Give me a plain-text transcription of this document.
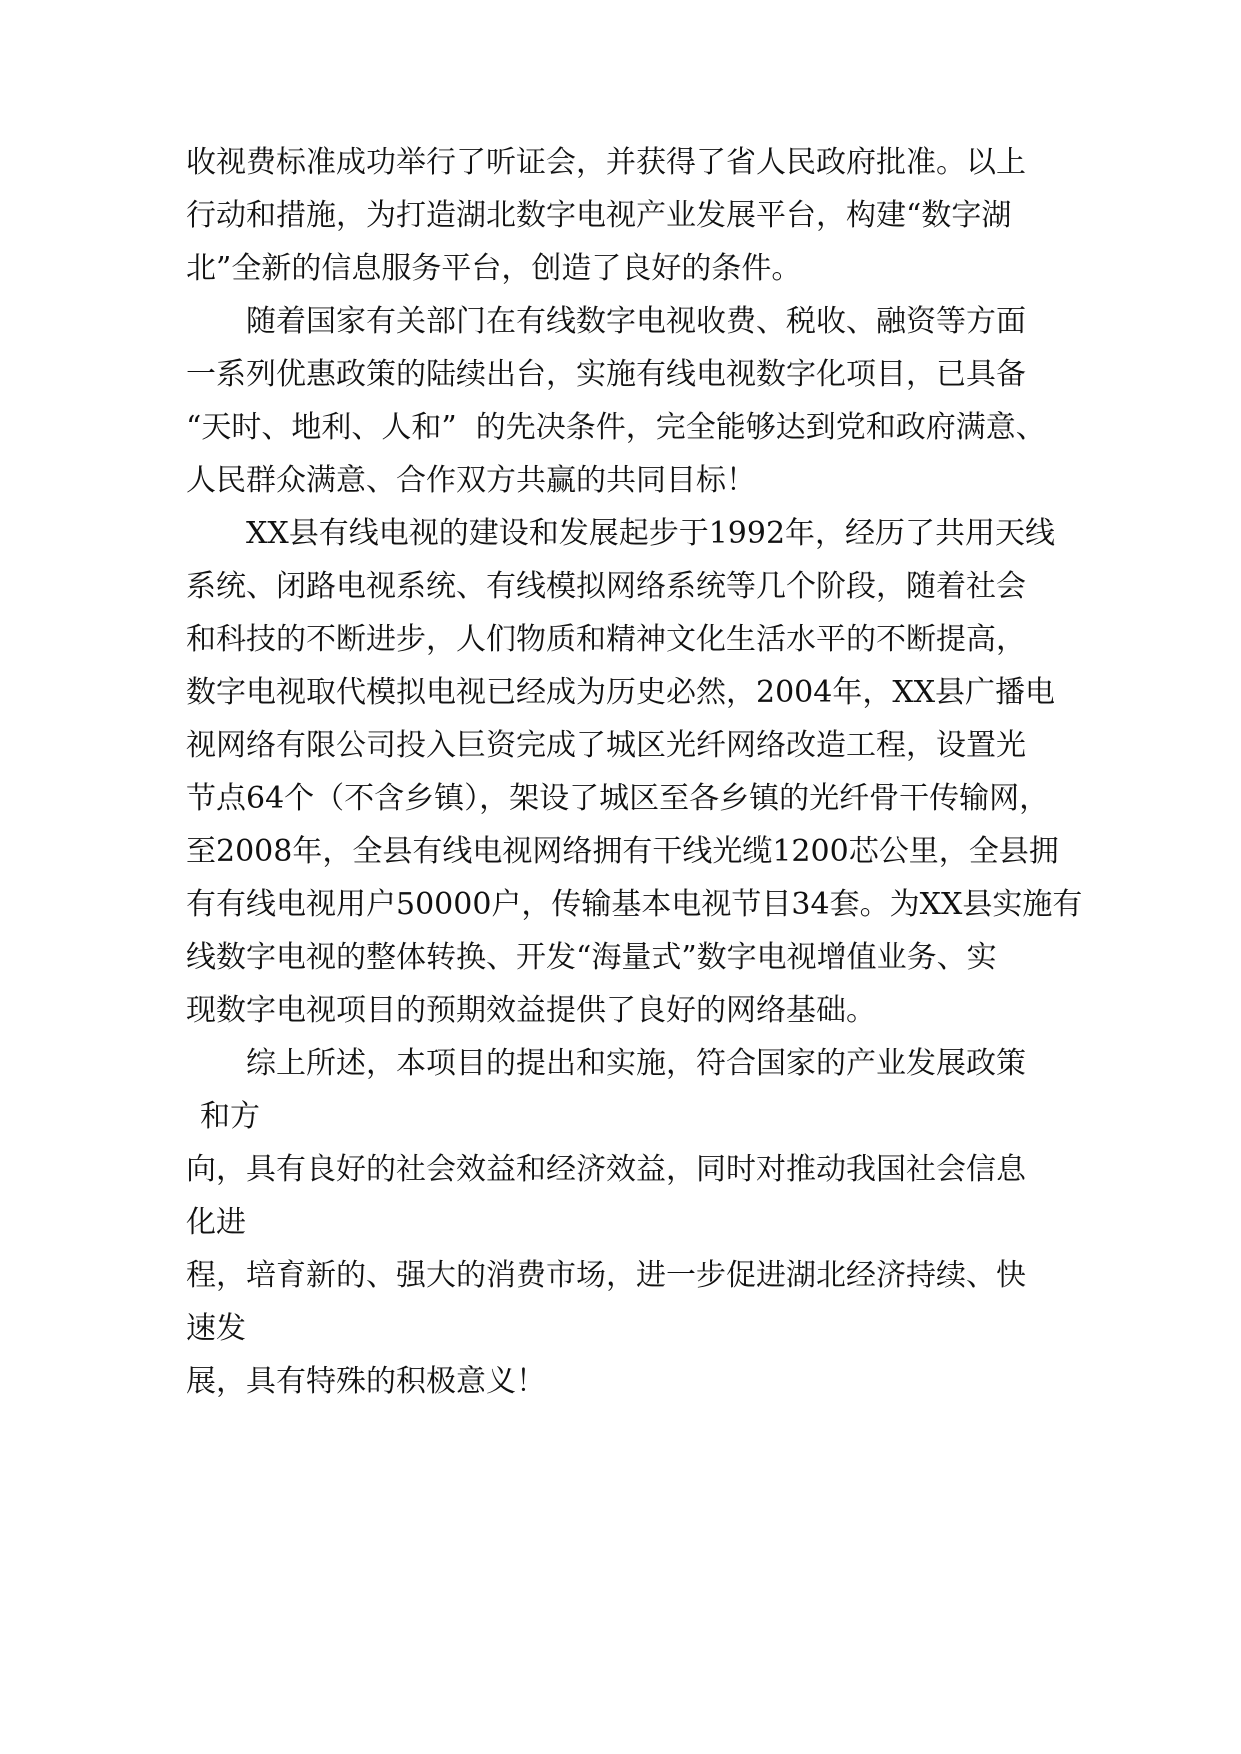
收视费标准成功举行了听证会，并获得了省人民政府批准。以上
行动和措施，为打造湖北数字电视产业发展平台，构建“数字湖
北”全新的信息服务平台，创造了良好的条件。
随着国家有关部门在有线数字电视收费、税收、融资等方面
一系列优惠政策的陆续出台，实施有线电视数字化项目，已具备
“天时、地利、人和”  的先决条件，完全能够达到党和政府满意、
人民群众满意、合作双方共赢的共同目标！
XX县有线电视的建设和发展起步于1992年，经历了共用天线
系统、闭路电视系统、有线模拟网络系统等几个阶段，随着社会
和科技的不断进步，人们物质和精神文化生活水平的不断提高，
数字电视取代模拟电视已经成为历史必然，2004年，XX县广播电
视网络有限公司投入巨资完成了城区光纤网络改造工程，设置光
节点64个（不含乡镇），架设了城区至各乡镇的光纤骨干传输网，
至2008年，全县有线电视网络拥有干线光缆1200芯公里，全县拥
有有线电视用户50000户，传输基本电视节目34套。为XX县实施有
线数字电视的整体转换、开发“海量式”数字电视增值业务、实
现数字电视项目的预期效益提供了良好的网络基础。
综上所述，本项目的提出和实施，符合国家的产业发展政策
和方
向，具有良好的社会效益和经济效益，同时对推动我国社会信息
化进
程，培育新的、强大的消费市场，进一步促进湖北经济持续、快
速发
展，具有特殊的积极意义！
